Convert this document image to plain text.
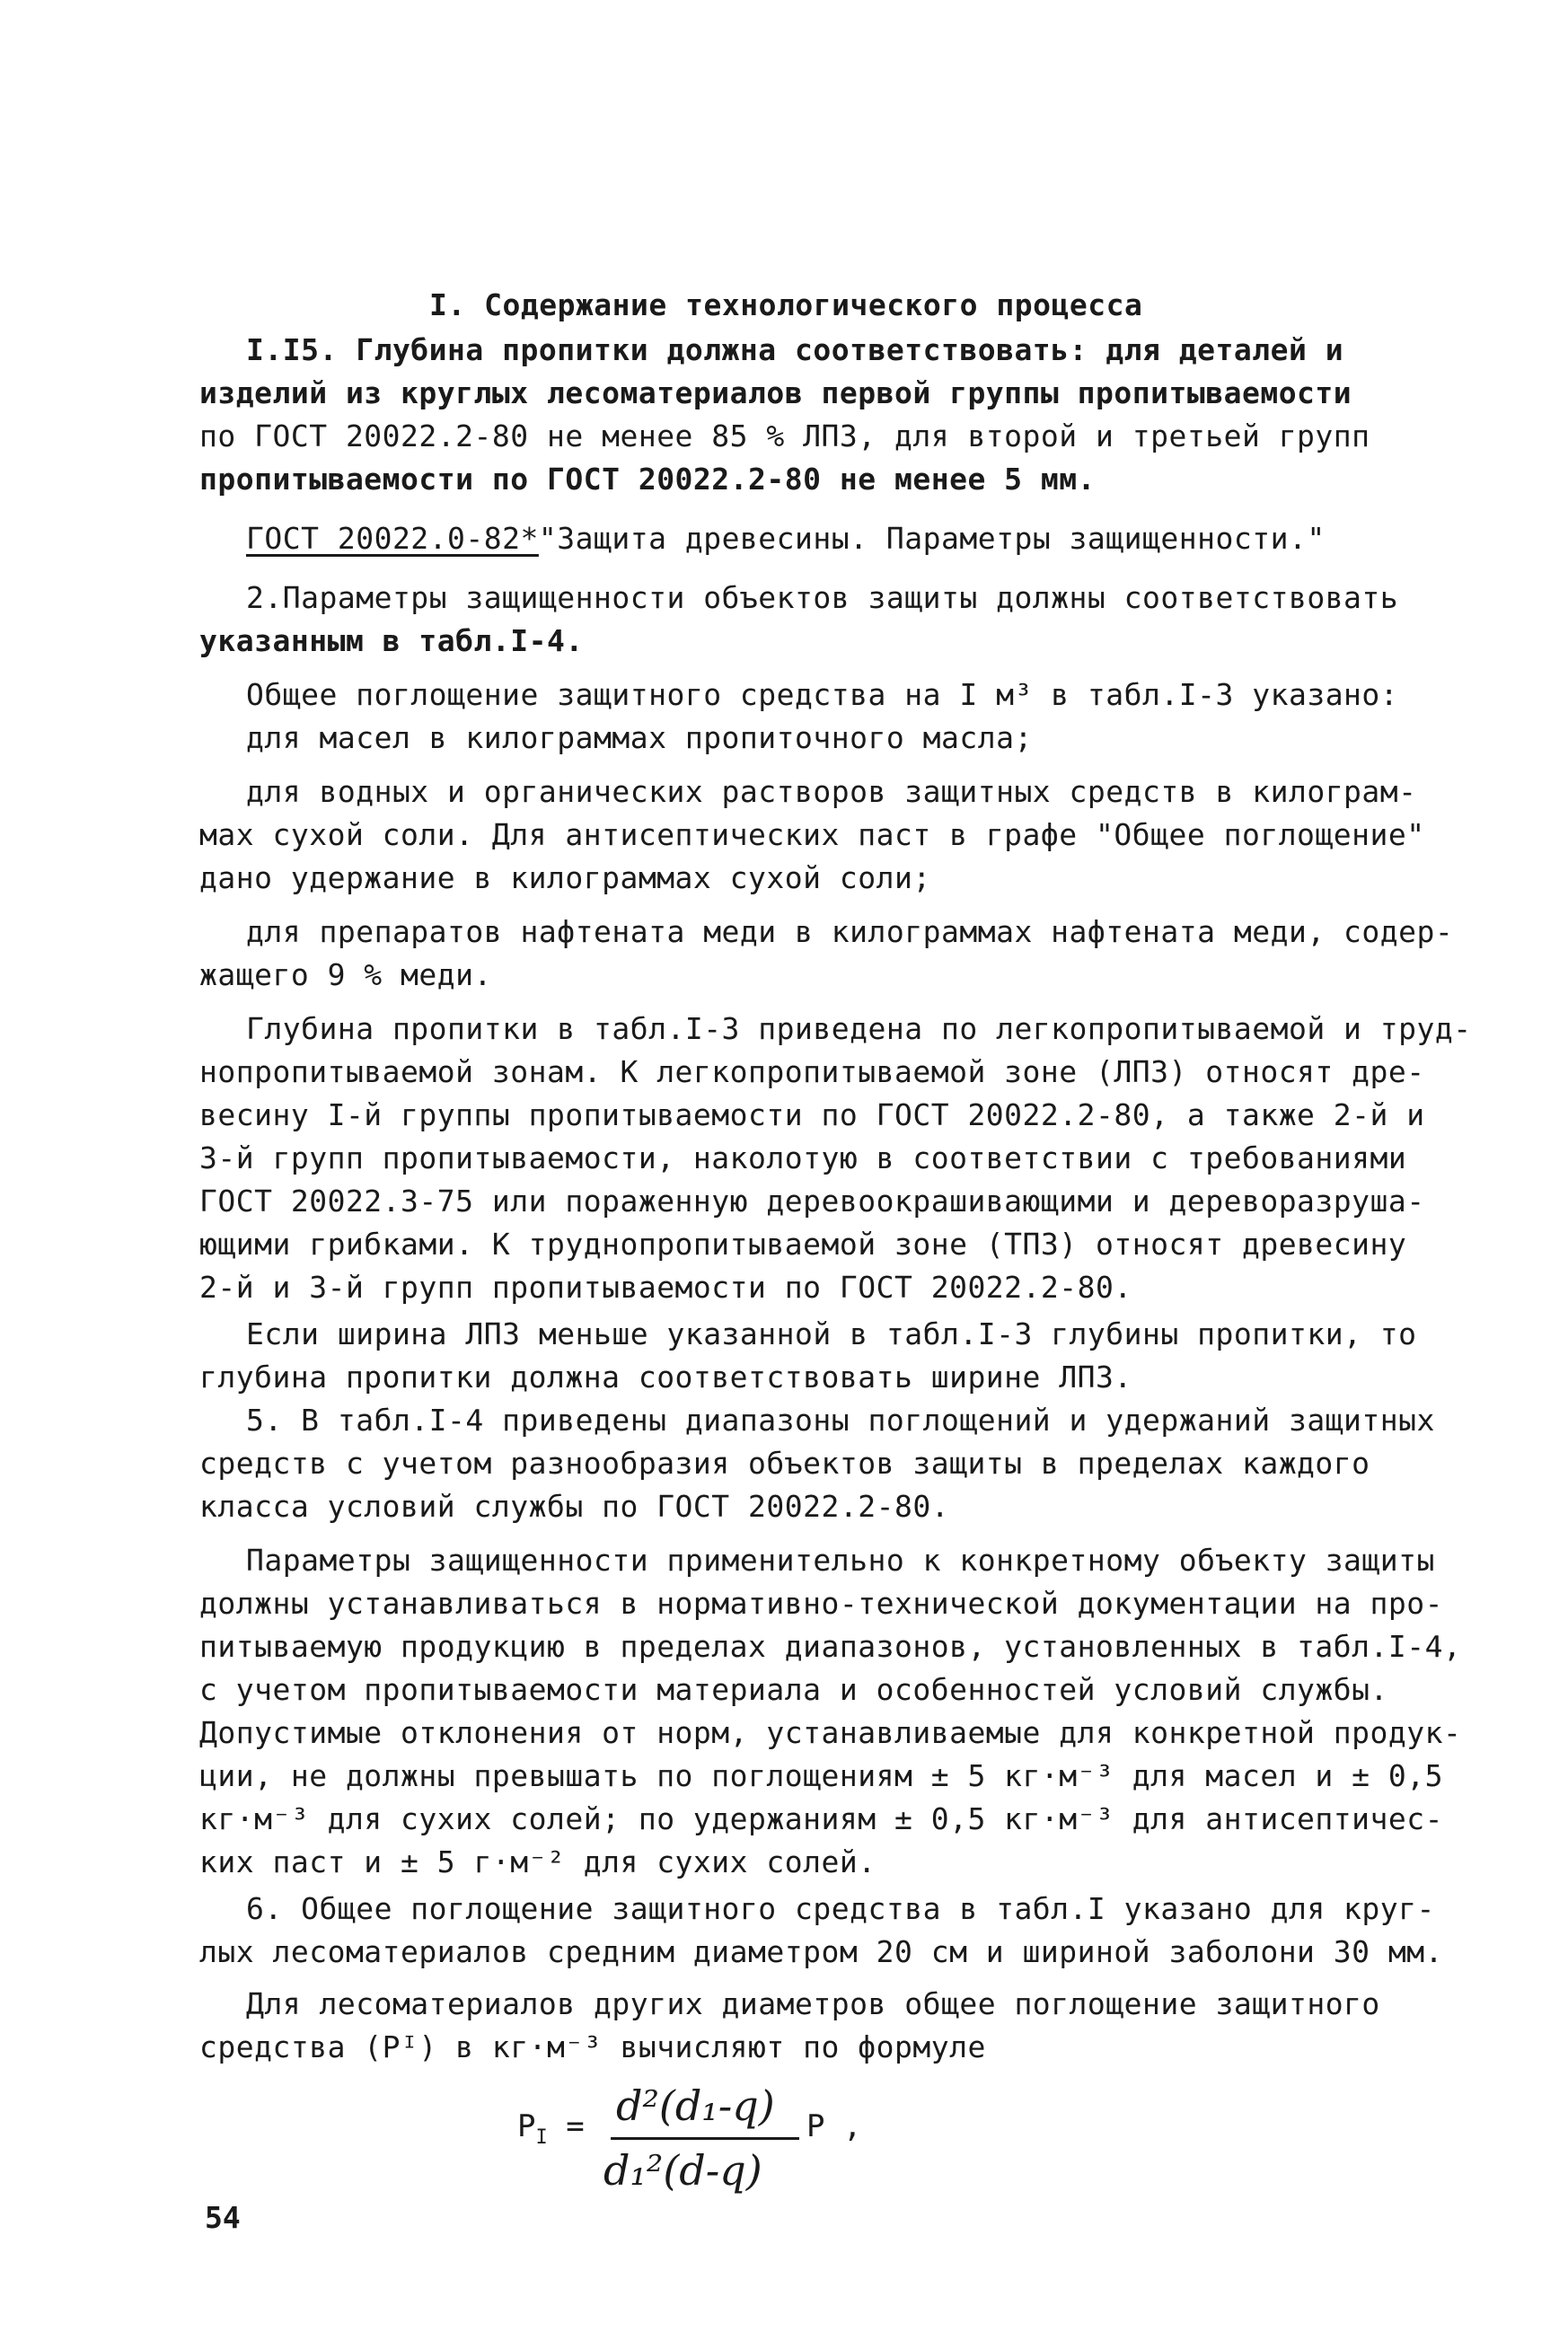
I. Содержание технологического процесса
I.I5. Глубина пропитки должна соответствовать: для деталей и
изделий из круглых лесоматериалов первой группы пропитываемости
по ГОСТ 20022.2-80 не менее 85 % ЛПЗ, для второй и третьей групп
пропитываемости по ГОСТ 20022.2-80 не менее 5 мм.
ГОСТ 20022.0-82*"Защита древесины. Параметры защищенности."
2.Параметры защищенности объектов защиты должны соответствовать
указанным в табл.I-4.
Общее поглощение защитного средства на I м³ в табл.I-3 указано:
для масел в килограммах пропиточного масла;
для водных и органических растворов защитных средств в килограм-
мах сухой соли. Для антисептических паст в графе "Общее поглощение"
дано удержание в килограммах сухой соли;
для препаратов нафтената меди в килограммах нафтената меди, содер-
жащего 9 % меди.
Глубина пропитки в табл.I-3 приведена по легкопропитываемой и труд-
нопропитываемой зонам. К легкопропитываемой зоне (ЛПЗ) относят дре-
весину I-й группы пропитываемости по ГОСТ 20022.2-80, а также 2-й и
3-й групп пропитываемости, наколотую в соответствии с требованиями
ГОСТ 20022.3-75 или пораженную деревоокрашивающими и дереворазруша-
ющими грибками. К труднопропитываемой зоне (ТПЗ) относят древесину
2-й и 3-й групп пропитываемости по ГОСТ 20022.2-80.
Если ширина ЛПЗ меньше указанной в табл.I-3 глубины пропитки, то
глубина пропитки должна соответствовать ширине ЛПЗ.
5. В табл.I-4 приведены диапазоны поглощений и удержаний защитных
средств с учетом разнообразия объектов защиты в пределах каждого
класса условий службы по ГОСТ 20022.2-80.
Параметры защищенности применительно к конкретному объекту защиты
должны устанавливаться в нормативно-технической документации на про-
питываемую продукцию в пределах диапазонов, установленных в табл.I-4,
с учетом пропитываемости материала и особенностей условий службы.
Допустимые отклонения от норм, устанавливаемые для конкретной продук-
ции, не должны превышать по поглощениям ± 5 кг·м⁻³ для масел и ± 0,5
кг·м⁻³ для сухих солей; по удержаниям ± 0,5 кг·м⁻³ для антисептичес-
ких паст и ± 5 г·м⁻² для сухих солей.
6. Общее поглощение защитного средства в табл.I указано для круг-
лых лесоматериалов средним диаметром 20 см и шириной заболони 30 мм.
Для лесоматериалов других диаметров общее поглощение защитного
средства (Pᴵ) в кг·м⁻³ вычисляют по формуле
$P_I = d^2(d_1-q)$
d₁²(d-q)
P ,
54
